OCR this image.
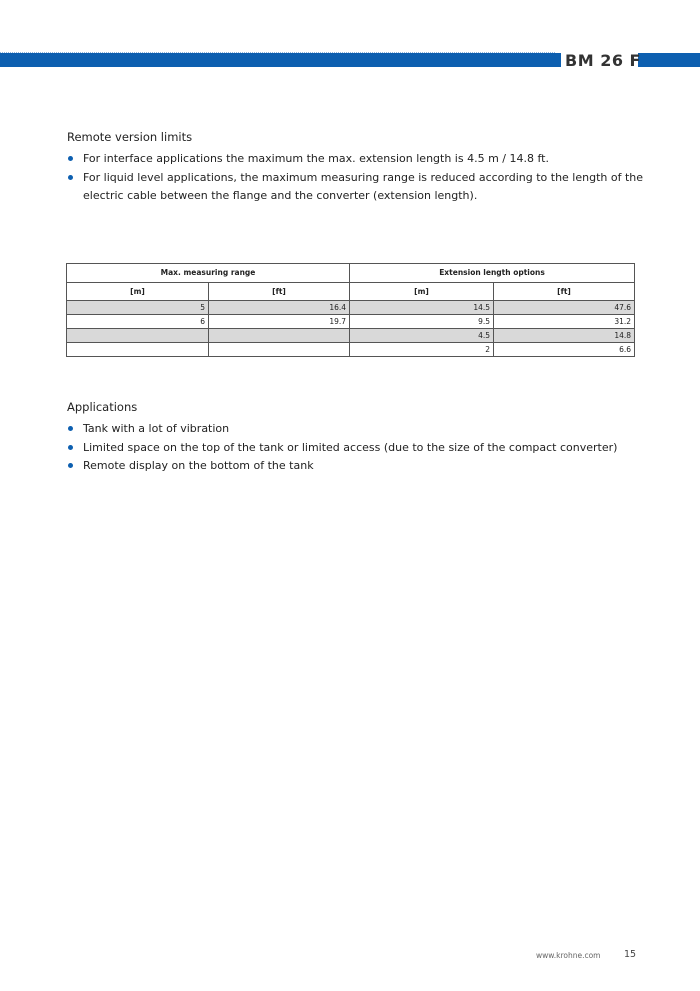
BM 26 F
Remote version limits
For interface applications the maximum the max. extension length is 4.5 m / 14.8 ft.
For liquid level applications, the maximum measuring range is reduced according to the length of the electric cable between the flange and the converter (extension length).
Max. measuring range		Extension length options	
[m]	[ft]	[m]	[ft]
5	16.4	14.5	47.6
6	19.7	9.5	31.2
		4.5	14.8
		2	6.6
Applications
Tank with a lot of vibration
Limited space on the top of the tank or limited access (due to the size of the compact converter)
Remote display on the bottom of the tank
www.krohne.com 15
